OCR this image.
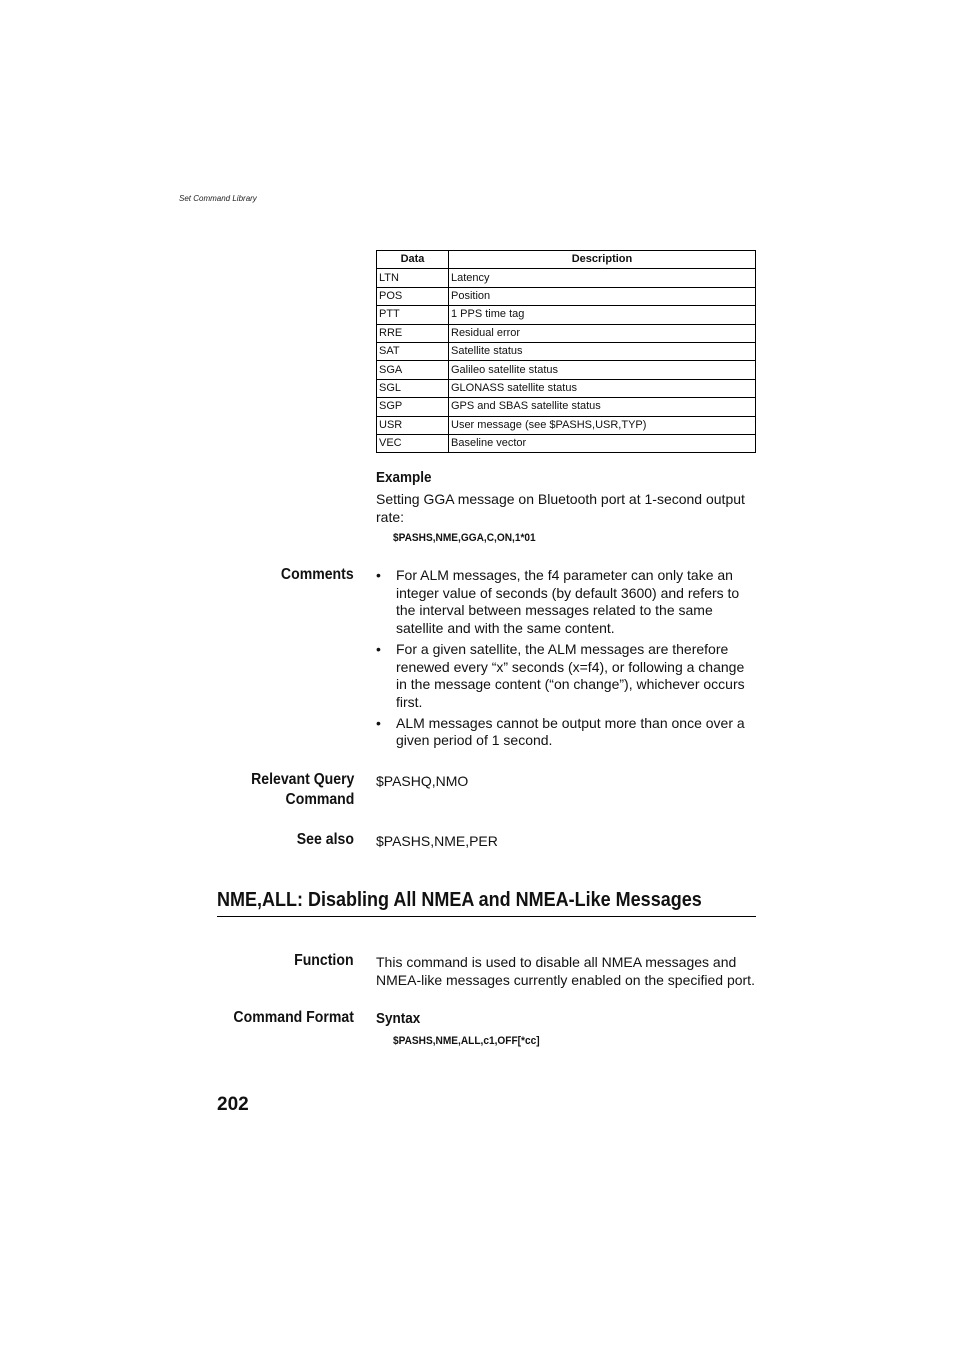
Set Command Library
Data	Description
LTN	Latency
POS	Position
PTT	1 PPS time tag
RRE	Residual error
SAT	Satellite status
SGA	Galileo satellite status
SGL	GLONASS satellite status
SGP	GPS and SBAS satellite status
USR	User message (see $PASHS,USR,TYP)
VEC	Baseline vector
Example
Setting GGA message on Bluetooth port at 1-second output rate:
$PASHS,NME,GGA,C,ON,1*01
Comments • For ALM messages, the f4 parameter can only take an integer value of seconds (by default 3600) and refers to the interval between messages related to the same satellite and with the same content.
• For a given satellite, the ALM messages are therefore renewed every “x” seconds (x=f4), or following a change in the message content (“on change”), whichever occurs first.
• ALM messages cannot be output more than once over a given period of 1 second.
Relevant Query
Command
$PASHQ,NMO
See also $PASHS,NME,PER
NME,ALL: Disabling All NMEA and NMEA-Like Messages
Function This command is used to disable all NMEA messages and NMEA-like messages currently enabled on the specified port.
Command Format Syntax
$PASHS,NME,ALL,c1,OFF[*cc]
202
